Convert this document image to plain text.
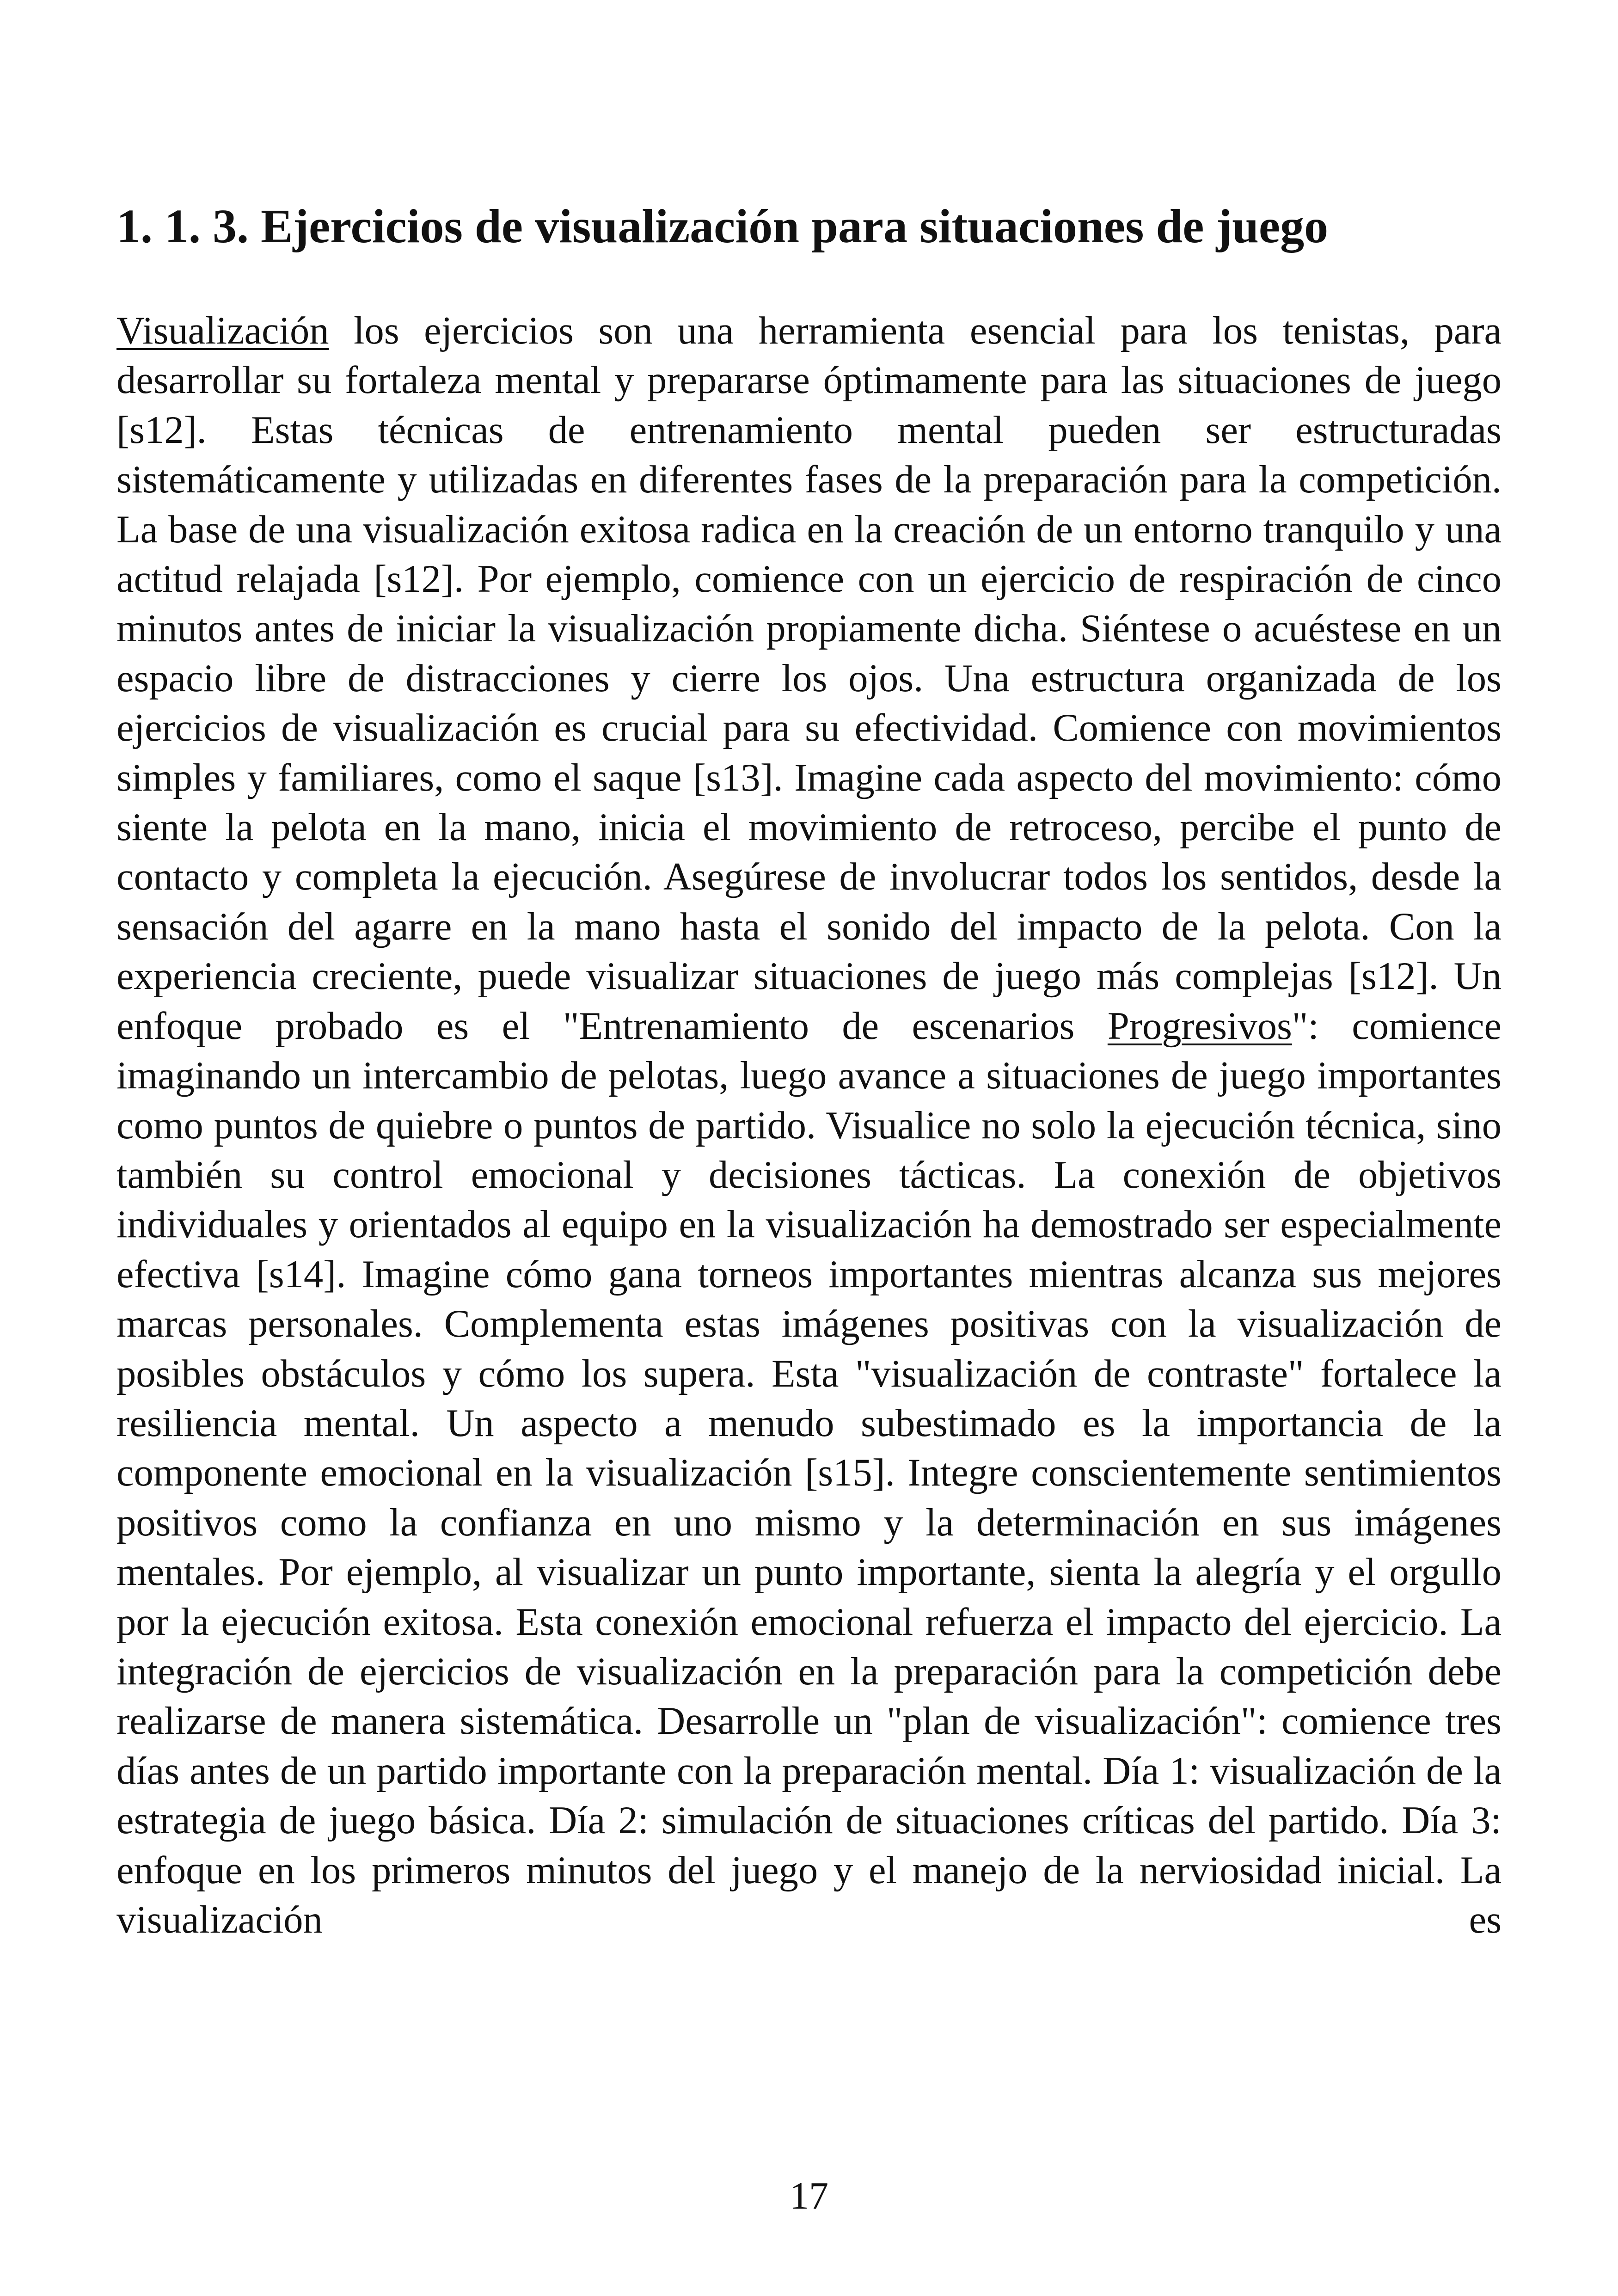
1. 1. 3. Ejercicios de visualización para situaciones de juego

Visualización los ejercicios son una herramienta esencial para los tenistas, para desarrollar su fortaleza mental y prepararse óptimamente para las situaciones de juego [s12]. Estas técnicas de entrenamiento mental pueden ser estructuradas sistemáticamente y utilizadas en diferentes fases de la preparación para la competición. La base de una visualización exitosa radica en la creación de un entorno tranquilo y una actitud relajada [s12]. Por ejemplo, comience con un ejercicio de respiración de cinco minutos antes de iniciar la visualización propiamente dicha. Siéntese o acuéstese en un espacio libre de distracciones y cierre los ojos. Una estructura organizada de los ejercicios de visualización es crucial para su efectividad. Comience con movimientos simples y familiares, como el saque [s13]. Imagine cada aspecto del movimiento: cómo siente la pelota en la mano, inicia el movimiento de retroceso, percibe el punto de contacto y completa la ejecución. Asegúrese de involucrar todos los sentidos, desde la sensación del agarre en la mano hasta el sonido del impacto de la pelota. Con la experiencia creciente, puede visualizar situaciones de juego más complejas [s12]. Un enfoque probado es el "Entrenamiento de escenarios Progresivos": comience imaginando un intercambio de pelotas, luego avance a situaciones de juego importantes como puntos de quiebre o puntos de partido. Visualice no solo la ejecución técnica, sino también su control emocional y decisiones tácticas. La conexión de objetivos individuales y orientados al equipo en la visualización ha demostrado ser especialmente efectiva [s14]. Imagine cómo gana torneos importantes mientras alcanza sus mejores marcas personales. Complementa estas imágenes positivas con la visualización de posibles obstáculos y cómo los supera. Esta "visualización de contraste" fortalece la resiliencia mental. Un aspecto a menudo subestimado es la importancia de la componente emocional en la visualización [s15]. Integre conscientemente sentimientos positivos como la confianza en uno mismo y la determinación en sus imágenes mentales. Por ejemplo, al visualizar un punto importante, sienta la alegría y el orgullo por la ejecución exitosa. Esta conexión emocional refuerza el impacto del ejercicio. La integración de ejercicios de visualización en la preparación para la competición debe realizarse de manera sistemática. Desarrolle un "plan de visualización": comience tres días antes de un partido importante con la preparación mental. Día 1: visualización de la estrategia de juego básica. Día 2: simulación de situaciones críticas del partido. Día 3: enfoque en los primeros minutos del juego y el manejo de la nerviosidad inicial. La visualización es

17
